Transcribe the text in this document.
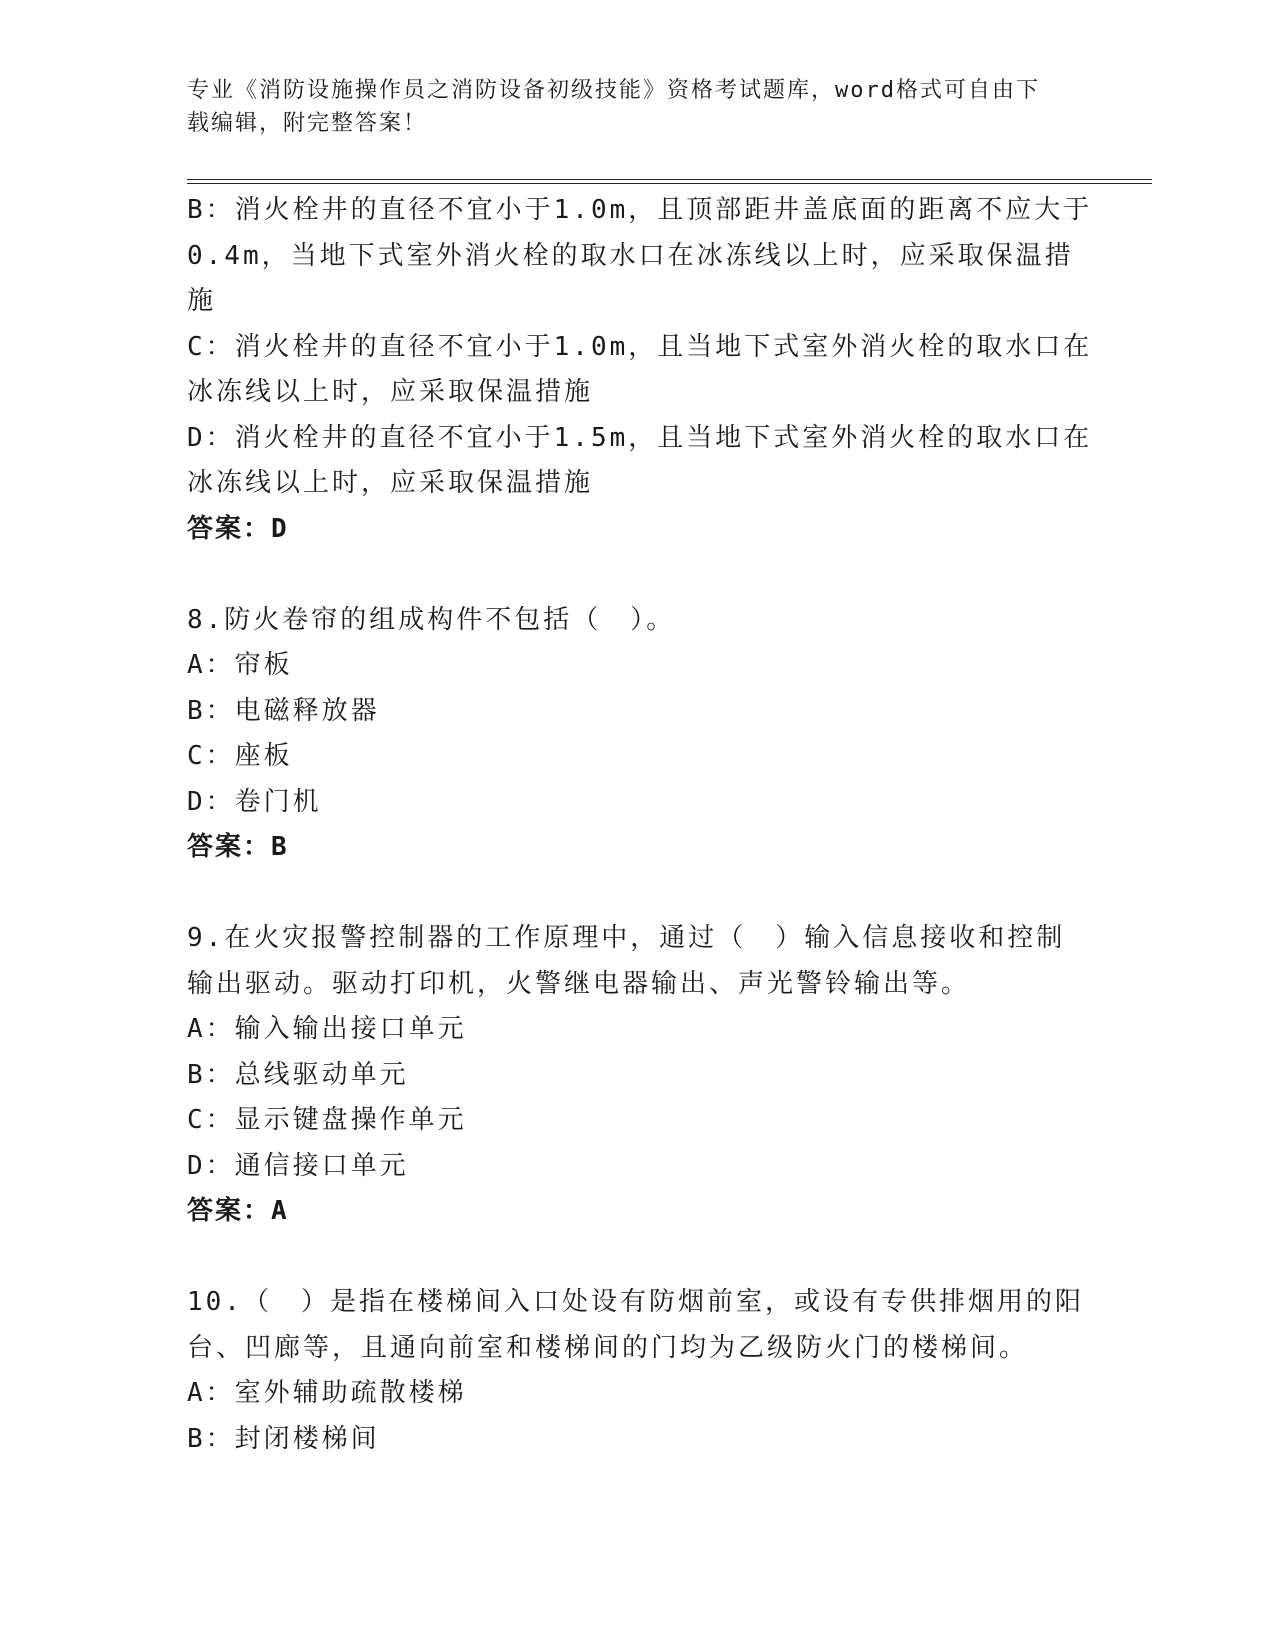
专业《消防设施操作员之消防设备初级技能》资格考试题库，word格式可自由下
载编辑，附完整答案！
B：消火栓井的直径不宜小于1.0m，且顶部距井盖底面的距离不应大于
0.4m，当地下式室外消火栓的取水口在冰冻线以上时，应采取保温措
施
C：消火栓井的直径不宜小于1.0m，且当地下式室外消火栓的取水口在
冰冻线以上时，应采取保温措施
D：消火栓井的直径不宜小于1.5m，且当地下式室外消火栓的取水口在
冰冻线以上时，应采取保温措施
答案：D
8.防火卷帘的组成构件不包括（　）。
A：帘板
B：电磁释放器
C：座板
D：卷门机
答案：B
9.在火灾报警控制器的工作原理中，通过（　）输入信息接收和控制
输出驱动。驱动打印机，火警继电器输出、声光警铃输出等。
A：输入输出接口单元
B：总线驱动单元
C：显示键盘操作单元
D：通信接口单元
答案：A
10.（　）是指在楼梯间入口处设有防烟前室，或设有专供排烟用的阳
台、凹廊等，且通向前室和楼梯间的门均为乙级防火门的楼梯间。
A：室外辅助疏散楼梯
B：封闭楼梯间
